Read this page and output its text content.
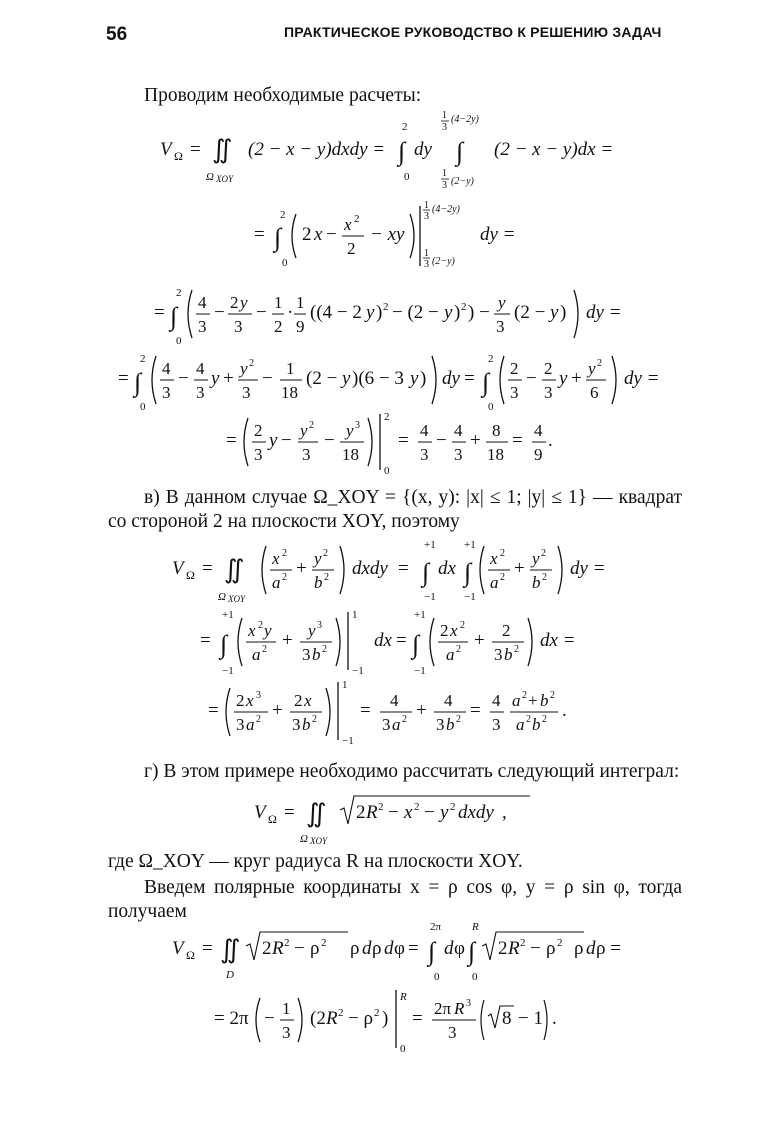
56	ПРАКТИЧЕСКОЕ РУКОВОДСТВО К РЕШЕНИЮ ЗАДАЧ
Проводим необходимые расчеты:
V Ω = ∬
Ω XOY
(2 − x − y)dxdy =
2
∫
0
dy
1
3
(4−2y)
∫
1
3 (2−y)
(2 − x − y)dx =
=
2
∫
0
2 x − x 2
2
− xy
1
3
(4−2y)
1
3 (2−y)
dy =
=
2
∫
0
4
3
− 2 y
3
− 1
2
· 1
9
((4 − 2 y ) 2 − (2 − y ) 2 ) − y
3
(2 − y ) dy =
=
2
∫
0
4
3
− 4
3
y + y 2
3
− 1
18
(2 − y )(6 − 3 y ) dy =
2
∫
0
2
3
− 2
3
y + y 2
6
dy =
= 2
3
y − y 2
3
− y 3
18
2
0
= 4
3
− 4
3
+ 8
18
= 4
9
.
в) В данном случае Ω_XOY = {(x, y): |x| ≤ 1; |y| ≤ 1} — квадрат со стороной 2 на плоскости XOY, поэтому
V Ω = ∬
Ω XOY
x 2
a 2 + y 2
b 2 dxdy =
+1
∫
−1
dx
+1
∫
−1
x 2
a 2 + y 2
b 2 dy =
=
+1
∫
−1
x 2 y
a 2 + y 3
3 b 2
1
−1
dx =
+1
∫
−1
2 x 2
a 2 + 2
3 b 2 dx =
= 2 x 3
3 a 2 + 2 x
3 b 2
1
−1
= 4
3 a 2 + 4
3 b 2 = 4
3
a 2 + b 2
a 2 b 2 .
г) В этом примере необходимо рассчитать следующий интеграл:
V Ω = ∬
Ω XOY
2 R 2 − x 2 − y 2 dxdy ,
где Ω_XOY — круг радиуса R на плоскости XOY.
Введем полярные координаты x = ρ cos φ, y = ρ sin φ, тогда получаем
V Ω = ∬
D
2 R 2 − ρ 2 ρ d ρ d φ =
2π
∫
0
d φ
R
∫
0
2 R 2 − ρ 2 ρ d ρ =
= 2π − 1
3
(2 R 2 − ρ 2 )
R
0
= 2π R 3
3
8 − 1 .
